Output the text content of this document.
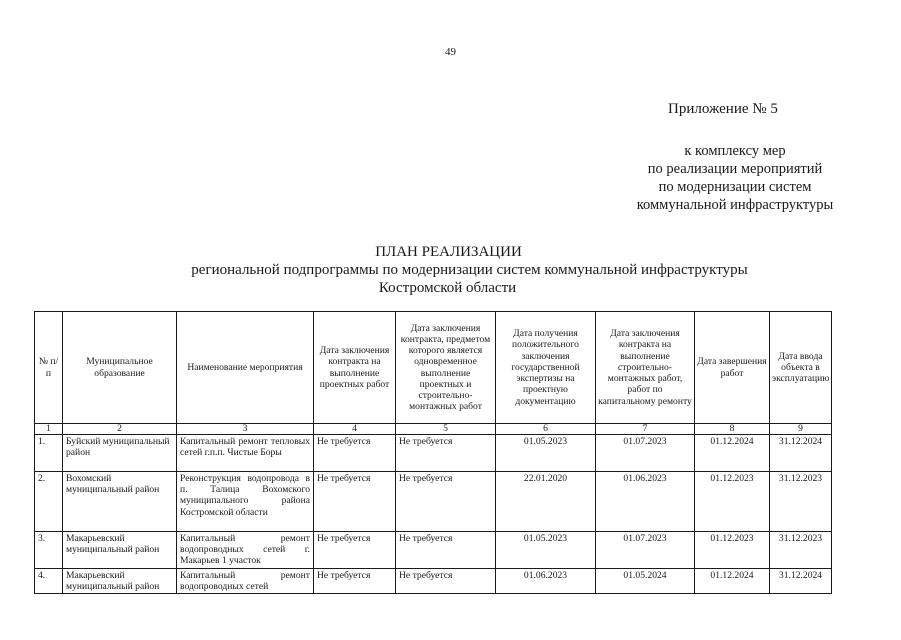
49
Приложение № 5
к комплексу мер
по реализации мероприятий
по модернизации систем
коммунальной инфраструктуры
ПЛАН РЕАЛИЗАЦИИ
региональной подпрограммы по модернизации систем коммунальной инфраструктуры
Костромской области
№ п/п	Муниципальное образование	Наименование мероприятия	Дата заключения контракта на выполнение проектных работ	Дата заключения контракта, предметом которого является одновременное выполнение проектных и строительно-монтажных работ	Дата получения положительного заключения государственной экспертизы на проектную документацию	Дата заключения контракта на выполнение строительно-монтажных работ, работ по капитальному ремонту	Дата завершения работ	Дата ввода объекта в эксплуатацию
1	2	3	4	5	6	7	8	9
1.	Буйский муниципальный район	Капитальный ремонт тепловых сетей г.п.п. Чистые Боры	Не требуется	Не требуется	01.05.2023	01.07.2023	01.12.2024	31.12.2024
2.	Вохомский муниципальный район	Реконструкция водопровода в п. Талица Вохомского муниципального района Костромской области	Не требуется	Не требуется	22.01.2020	01.06.2023	01.12.2023	31.12.2023
3.	Макарьевский муниципальный район	Капитальный ремонт водопроводных сетей г. Макарьев 1 участок	Не требуется	Не требуется	01.05.2023	01.07.2023	01.12.2023	31.12.2023
4.	Макарьевский муниципальный район	Капитальный ремонт водопроводных сетей	Не требуется	Не требуется	01.06.2023	01.05.2024	01.12.2024	31.12.2024
